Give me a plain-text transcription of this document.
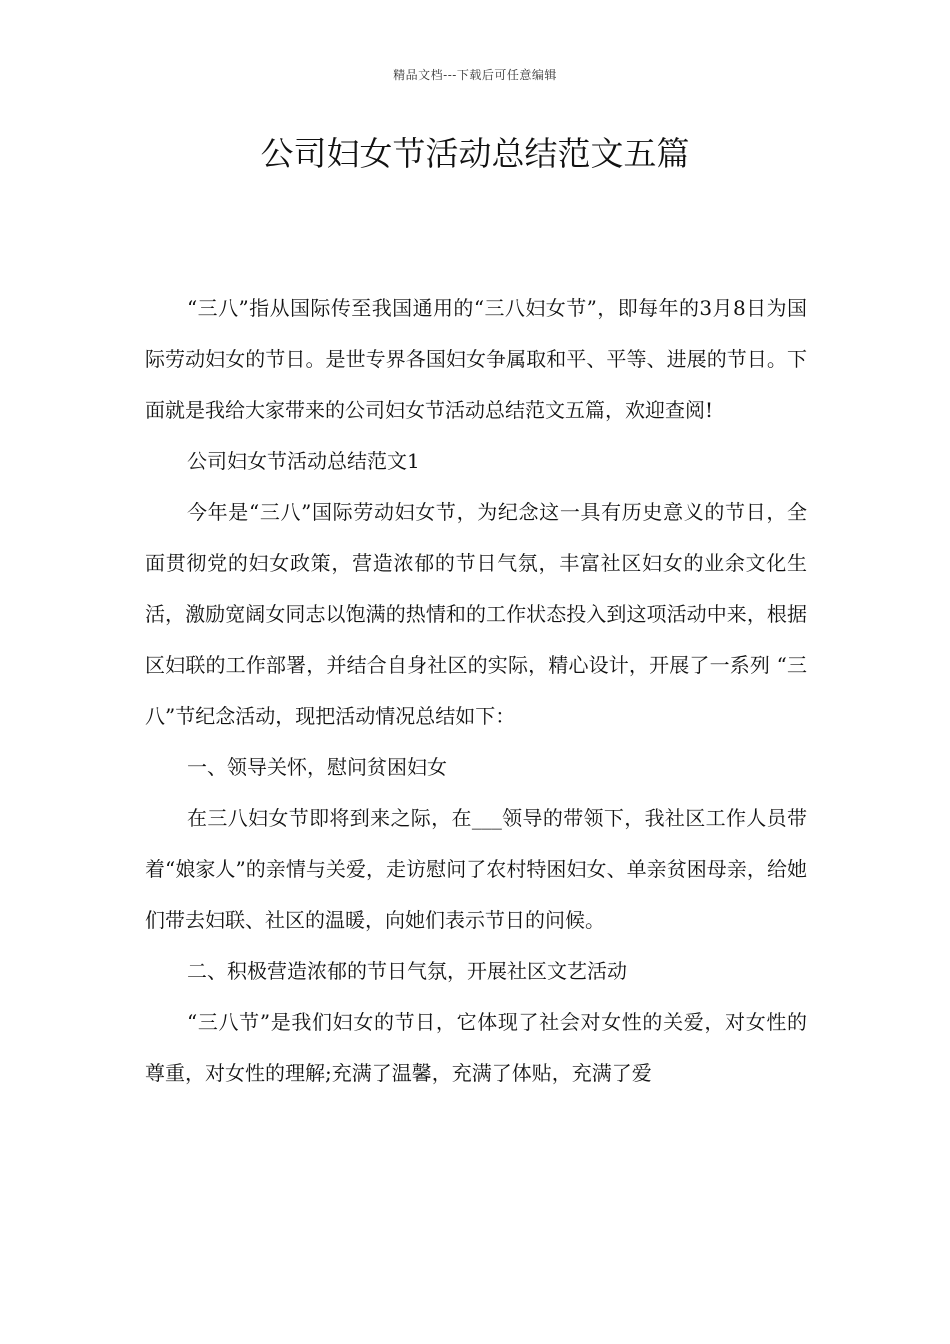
精品文档---下载后可任意编辑
公司妇女节活动总结范文五篇

“三八”指从国际传至我国通用的“三八妇女节”，即每年的3月8日为国际劳动妇女的节日。是世专界各国妇女争属取和平、平等、进展的节日。下面就是我给大家带来的公司妇女节活动总结范文五篇，欢迎查阅!

公司妇女节活动总结范文1

今年是“三八”国际劳动妇女节，为纪念这一具有历史意义的节日，全面贯彻党的妇女政策，营造浓郁的节日气氛，丰富社区妇女的业余文化生活，激励宽阔女同志以饱满的热情和的工作状态投入到这项活动中来，根据区妇联的工作部署，并结合自身社区的实际，精心设计，开展了一系列 “三八”节纪念活动，现把活动情况总结如下：

一、领导关怀，慰问贫困妇女

在三八妇女节即将到来之际，在___领导的带领下，我社区工作人员带着“娘家人”的亲情与关爱，走访慰问了农村特困妇女、单亲贫困母亲，给她们带去妇联、社区的温暖，向她们表示节日的问候。

二、积极营造浓郁的节日气氛，开展社区文艺活动

“三八节”是我们妇女的节日，它体现了社会对女性的关爱，对女性的尊重，对女性的理解;充满了温馨，充满了体贴，充满了爱
